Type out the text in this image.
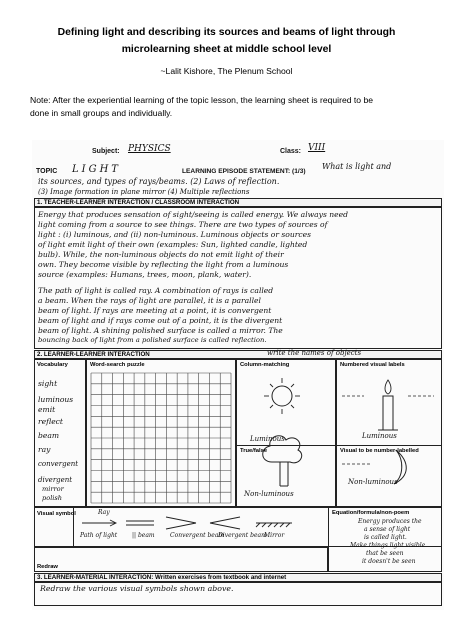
Defining light and describing its sources and beams of light through
microlearning sheet at middle school level
~Lalit Kishore, The Plenum School
Note: After the experiential learning of the topic lesson, the learning sheet is required to be
done in small groups and individually.
Subject: PHYSICS	Class: VIII
TOPIC LIGHT	LEARNING EPISODE STATEMENT: (1/3)
What is light and
its sources, and types of rays/beams. (2) Laws of reflection.
(3) Image formation in plane mirror (4) Multiple reflections
1. TEACHER-LEARNER INTERACTION / CLASSROOM INTERACTION
Energy that produces sensation of sight/seeing is called energy. We always need
light coming from a source to see things. There are two types of sources of
light : (i) luminous, and (ii) non-luminous. Luminous objects or sources
of light emit light of their own (examples: Sun, lighted candle, lighted
bulb). While, the non-luminous objects do not emit light of their
own. They become visible by reflecting the light from a luminous
source (examples: Humans, trees, moon, plank, water).
The path of light is called ray. A combination of rays is called
a beam. When the rays of light are parallel, it is a parallel
beam of light. If rays are meeting at a point, it is convergent
beam of light and if rays come out of a point, it is the divergent
beam of light. A shining polished surface is called a mirror. The
bouncing back of light from a polished surface is called reflection.
2. LEARNER-LEARNER INTERACTION	write the names of objects
Vocabulary	Word-search puzzle	Column-matching	Numbered visual labels
sight
luminous
emit
reflect
beam
ray
convergent
divergent
mirror
polish
Luminous
True/false
Luminous
Visual to be number-labelled
Non-luminous
Non-luminous
Visual symbol	Equation/formula/non-poem
Ray
Path of light || beam	Convergent beam
Divergent beam
Mirror
Energy produces the
a sense of light
is called light.
Make things light visible
that be seen
it doesn't be seen
Redraw
3. LEARNER-MATERIAL INTERACTION: Written exercises from textbook and internet
Redraw the various visual symbols shown above.
